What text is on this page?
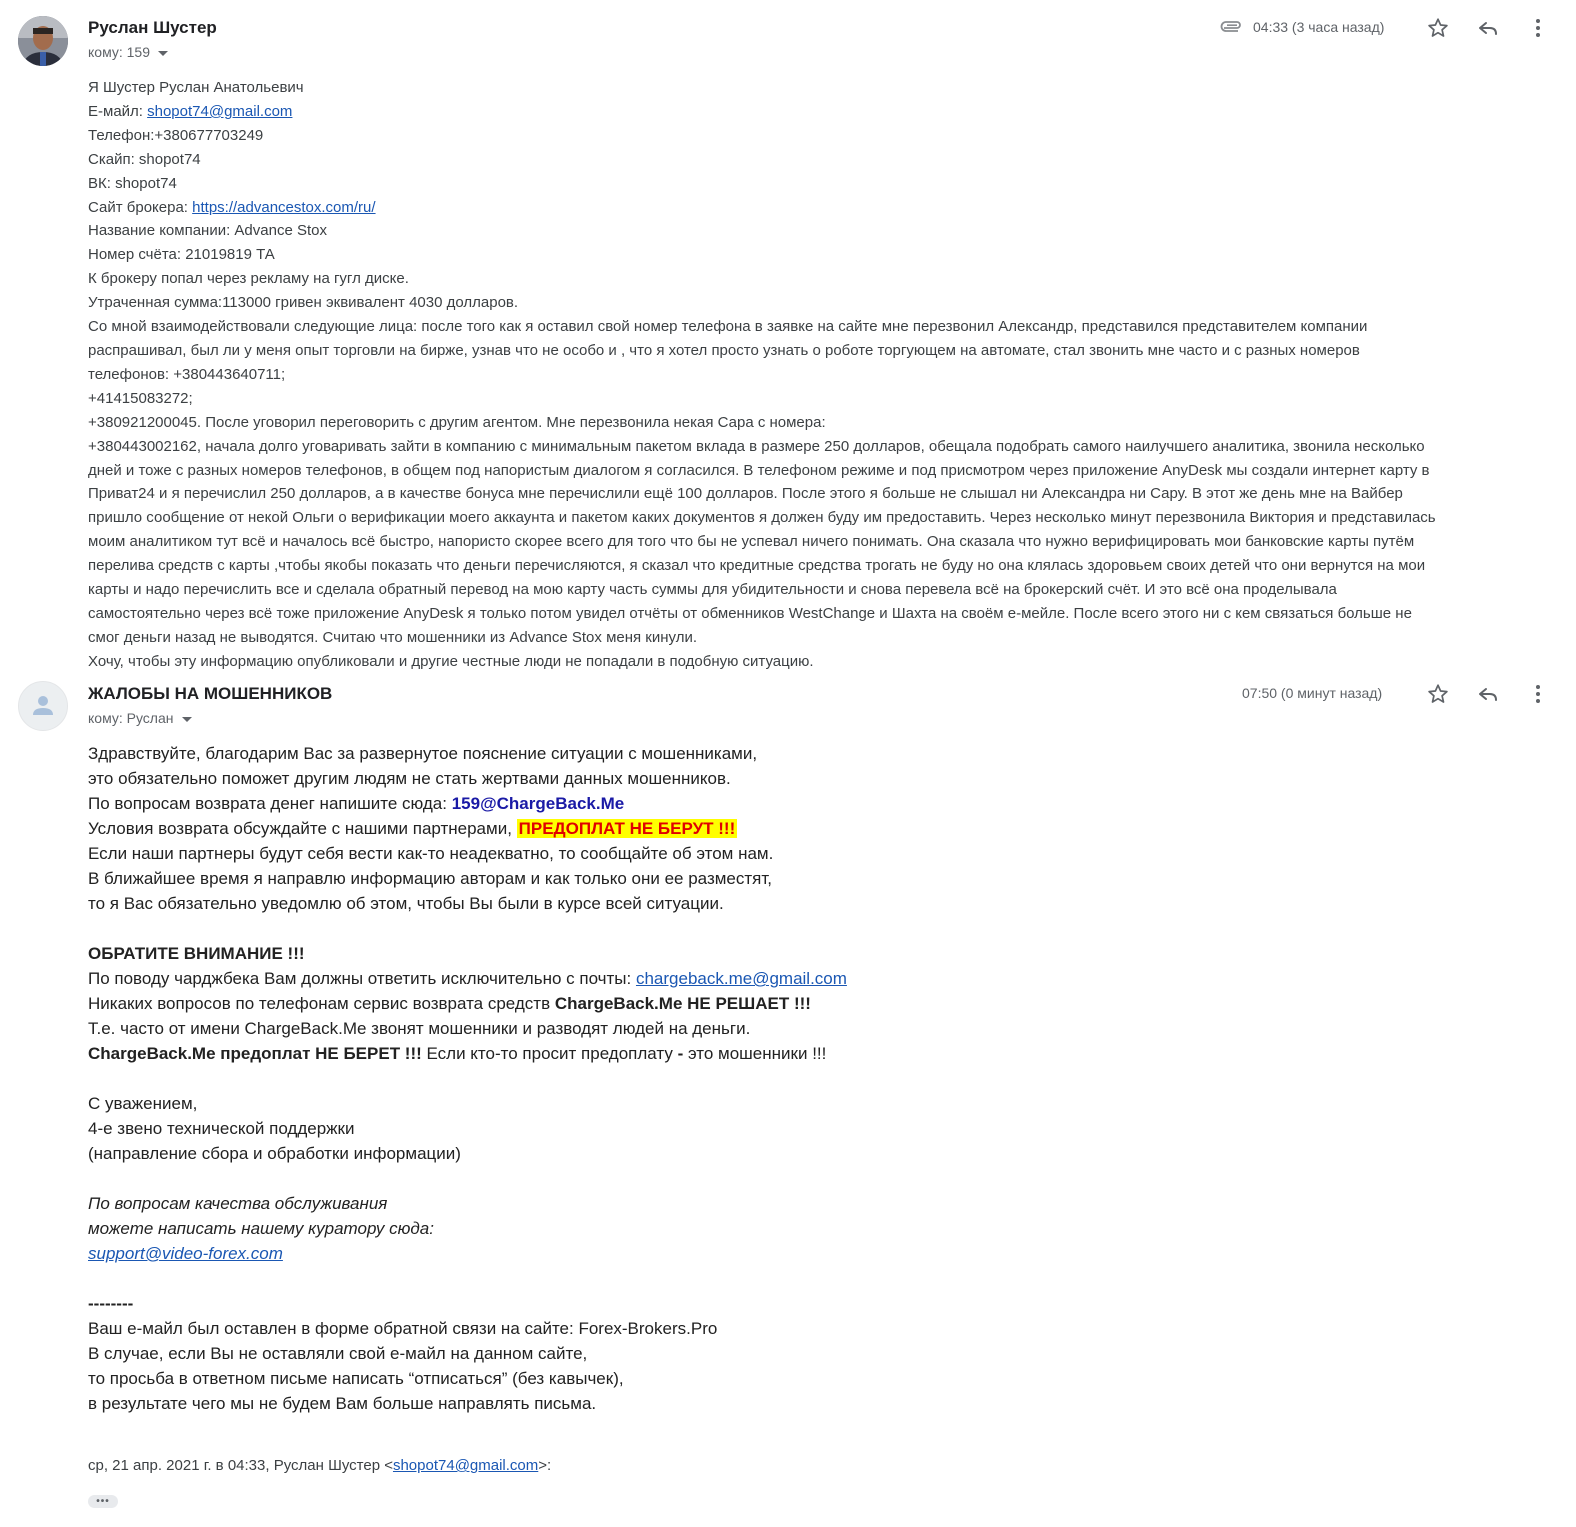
Руслан Шустер
кому: 159
04:33 (3 часа назад)
Я Шустер Руслан Анатольевич
Е-майл: shopot74@gmail.com
Телефон:+380677703249
Скайп: shopot74
ВК: shopot74
Сайт брокера: https://advancestox.com/ru/
Название компании: Advance Stox
Номер счёта: 21019819 ТА
К брокеру попал через рекламу на гугл диске.
Утраченная сумма:113000 гривен эквивалент 4030 долларов.
Со мной взаимодействовали следующие лица: после того как я оставил свой номер телефона в заявке на сайте мне перезвонил Александр, представился представителем компании
распрашивал, был ли у меня опыт торговли на бирже, узнав что не особо и , что я хотел просто узнать о роботе торгующем на автомате, стал звонить мне часто и с разных номеров
телефонов: +380443640711;
+41415083272;
+380921200045. После уговорил переговорить с другим агентом. Мне перезвонила некая Сара с номера:
+380443002162, начала долго уговаривать зайти в компанию с минимальным пакетом вклада в размере 250 долларов, обещала подобрать самого наилучшего аналитика, звонила несколько
дней и тоже с разных номеров телефонов, в общем под напористым диалогом я согласился. В телефоном режиме и под присмотром через приложение AnyDesk мы создали интернет карту в
Приват24 и я перечислил 250 долларов, а в качестве бонуса мне перечислили ещё 100 долларов. После этого я больше не слышал ни Александра ни Сару. В этот же день мне на Вайбер
пришло сообщение от некой Ольги о верификации моего аккаунта и пакетом каких документов я должен буду им предоставить. Через несколько минут перезвонила Виктория и представилась
моим аналитиком тут всё и началось всё быстро, напористо скорее всего для того что бы не успевал ничего понимать. Она сказала что нужно верифицировать мои банковские карты путём
перелива средств с карты ,чтобы якобы показать что деньги перечисляются, я сказал что кредитные средства трогать не буду но она клялась здоровьем своих детей что они вернутся на мои
карты и надо перечислить все и сделала обратный перевод на мою карту часть суммы для убидительности и снова перевела всё на брокерский счёт. И это всё она проделывала
самостоятельно через всё тоже приложение AnyDesk я только потом увидел отчёты от обменников WestChange и Шахта на своём е-мейле. После всего этого ни с кем связаться больше не
смог деньги назад не выводятся. Считаю что мошенники из Advance Stox меня кинули.
Хочу, чтобы эту информацию опубликовали и другие честные люди не попадали в подобную ситуацию.
ЖАЛОБЫ НА МОШЕННИКОВ
кому: Руслан
07:50 (0 минут назад)
Здравствуйте, благодарим Вас за развернутое пояснение ситуации с мошенниками,
это обязательно поможет другим людям не стать жертвами данных мошенников.
По вопросам возврата денег напишите сюда: 159@ChargeBack.Me
Условия возврата обсуждайте с нашими партнерами, ПРЕДОПЛАТ НЕ БЕРУТ !!!
Если наши партнеры будут себя вести как-то неадекватно, то сообщайте об этом нам.
В ближайшее время я направлю информацию авторам и как только они ее разместят,
то я Вас обязательно уведомлю об этом, чтобы Вы были в курсе всей ситуации.

ОБРАТИТЕ ВНИМАНИЕ !!!
По поводу чарджбека Вам должны ответить исключительно с почты: chargeback.me@gmail.com
Никаких вопросов по телефонам сервис возврата средств ChargeBack.Me НЕ РЕШАЕТ !!!
Т.е. часто от имени ChargeBack.Me звонят мошенники и разводят людей на деньги.
ChargeBack.Me предоплат НЕ БЕРЕТ !!! Если кто-то просит предоплату - это мошенники !!!

С уважением,
4-е звено технической поддержки
(направление сбора и обработки информации)

По вопросам качества обслуживания
можете написать нашему куратору сюда:
support@video-forex.com

--------
Ваш е-майл был оставлен в форме обратной связи на сайте: Forex-Brokers.Pro
В случае, если Вы не оставляли свой е-майл на данном сайте,
то просьба в ответном письме написать “отписаться” (без кавычек),
в результате чего мы не будем Вам больше направлять письма.
ср, 21 апр. 2021 г. в 04:33, Руслан Шустер <shopot74@gmail.com>:
•••
